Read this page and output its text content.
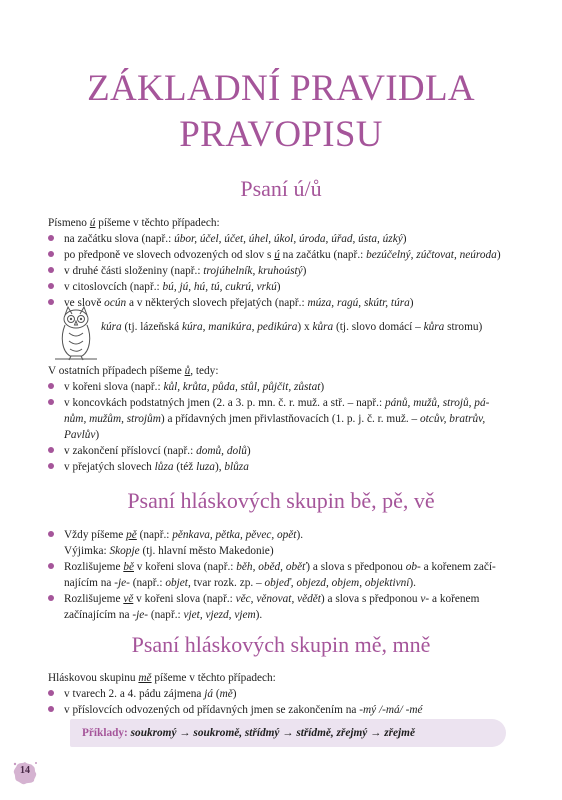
ZÁKLADNÍ PRAVIDLA
PRAVOPISU
Psaní ú/ů
Písmeno ú píšeme v těchto případech:
na začátku slova (např.: úbor, účel, účet, úhel, úkol, úroda, úřad, ústa, úzký)
po předponě ve slovech odvozených od slov s ú na začátku (např.: bezúčelný, zúčtovat, neúroda)
v druhé části složeniny (např.: trojúhelník, kruhoústý)
v citoslovcích (např.: bú, jú, hú, tú, cukrú, vrkú)
ve slově ocún a v některých slovech přejatých (např.: múza, ragú, skútr, túra)
kúra (tj. lázeňská kúra, manikúra, pedikúra) x kůra (tj. slovo domácí – kůra stromu)
V ostatních případech píšeme ů, tedy:
v kořeni slova (např.: kůl, krůta, půda, stůl, půjčit, zůstat)
v koncovkách podstatných jmen (2. a 3. p. mn. č. r. muž. a stř. – např.: pánů, mužů, strojů, pá-
nům, mužům, strojům) a přídavných jmen přivlastňovacích (1. p. j. č. r. muž. – otcův, bratrův,
Pavlův)
v zakončení příslovcí (např.: domů, dolů)
v přejatých slovech lůza (též luza), blůza
Psaní hláskových skupin bě, pě, vě
Vždy píšeme pě (např.: pěnkava, pětka, pěvec, opět).
Výjimka: Skopje (tj. hlavní město Makedonie)
Rozlišujeme bě v kořeni slova (např.: běh, oběd, oběť) a slova s předponou ob- a kořenem začí-
najícím na -je- (např.: objet, tvar rozk. zp. – objeď, objezd, objem, objektivní).
Rozlišujeme vě v kořeni slova (např.: věc, věnovat, vědět) a slova s předponou v- a kořenem
začínajícím na -je- (např.: vjet, vjezd, vjem).
Psaní hláskových skupin mě, mně
Hláskovou skupinu mě píšeme v těchto případech:
v tvarech 2. a 4. pádu zájmena já (mě)
v příslovcích odvozených od přídavných jmen se zakončením na -mý /-má/ -mé
Příklady: soukromý → soukromě, střídmý → střídmě, zřejmý → zřejmě
14
